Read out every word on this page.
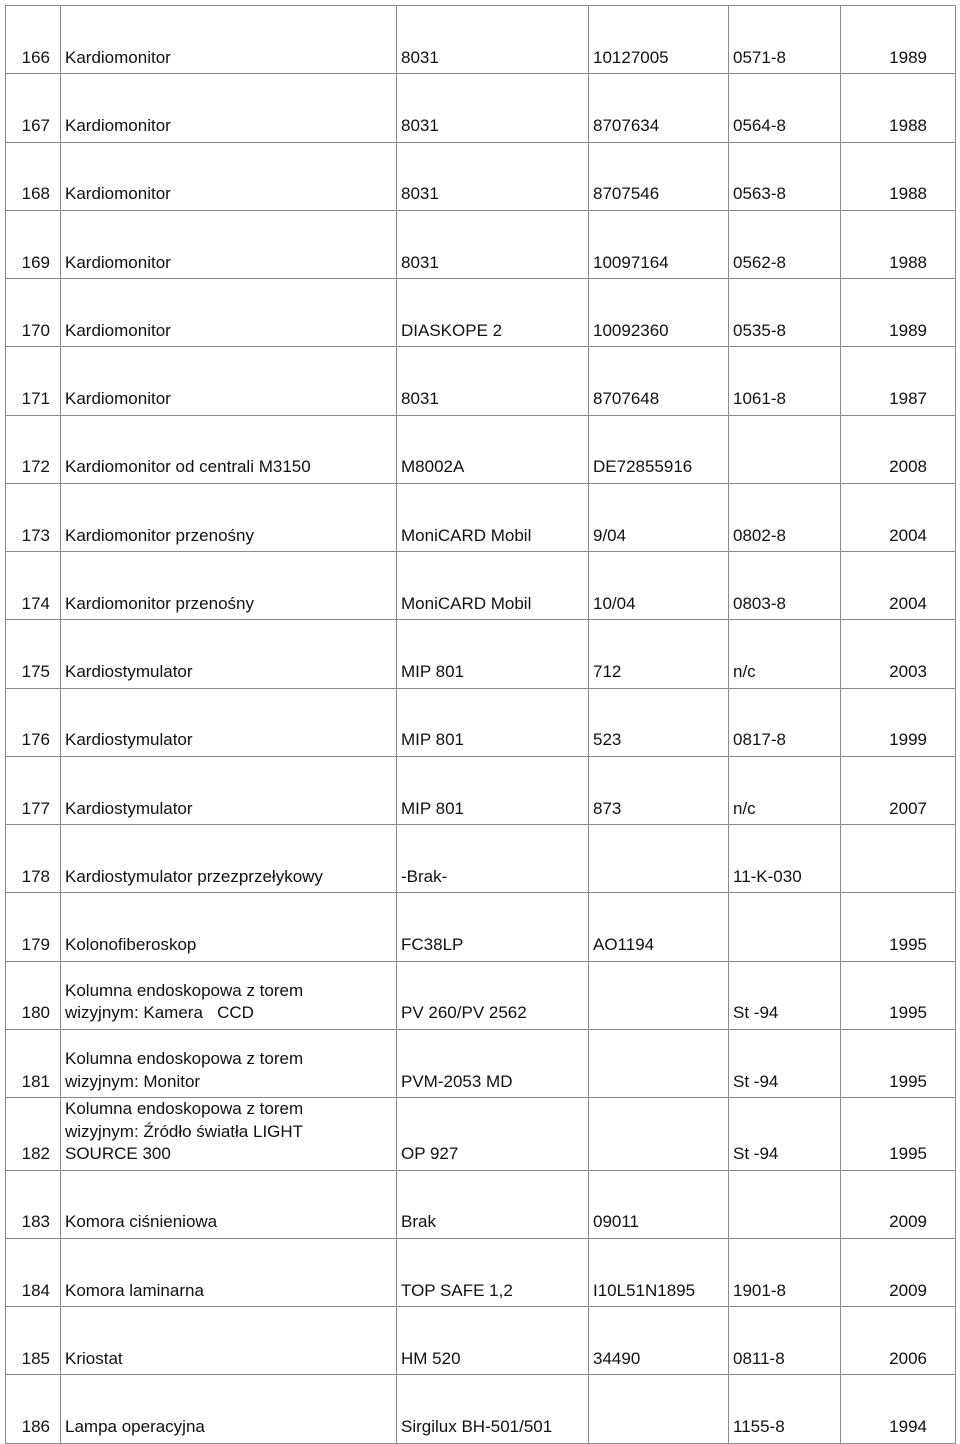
166	Kardiomonitor	8031	10127005	0571-8	1989
167	Kardiomonitor	8031	8707634	0564-8	1988
168	Kardiomonitor	8031	8707546	0563-8	1988
169	Kardiomonitor	8031	10097164	0562-8	1988
170	Kardiomonitor	DIASKOPE 2	10092360	0535-8	1989
171	Kardiomonitor	8031	8707648	1061-8	1987
172	Kardiomonitor od centrali M3150	M8002A	DE72855916		2008
173	Kardiomonitor przenośny	MoniCARD Mobil	9/04	0802-8	2004
174	Kardiomonitor przenośny	MoniCARD Mobil	10/04	0803-8	2004
175	Kardiostymulator	MIP 801	712	n/c	2003
176	Kardiostymulator	MIP 801	523	0817-8	1999
177	Kardiostymulator	MIP 801	873	n/c	2007
178	Kardiostymulator przezprzełykowy	-Brak-		11-K-030	
179	Kolonofiberoskop	FC38LP	AO1194		1995
180	Kolumna endoskopowa z torem
wizyjnym: Kamera   CCD	PV 260/PV 2562		St -94	1995
181	Kolumna endoskopowa z torem
wizyjnym: Monitor	PVM-2053 MD		St -94	1995
182	Kolumna endoskopowa z torem
wizyjnym: Źródło światła LIGHT
SOURCE 300	OP 927		St -94	1995
183	Komora ciśnieniowa	Brak	09011		2009
184	Komora laminarna	TOP SAFE 1,2	I10L51N1895	1901-8	2009
185	Kriostat	HM 520	34490	0811-8	2006
186	Lampa operacyjna	Sirgilux BH-501/501		1155-8	1994
